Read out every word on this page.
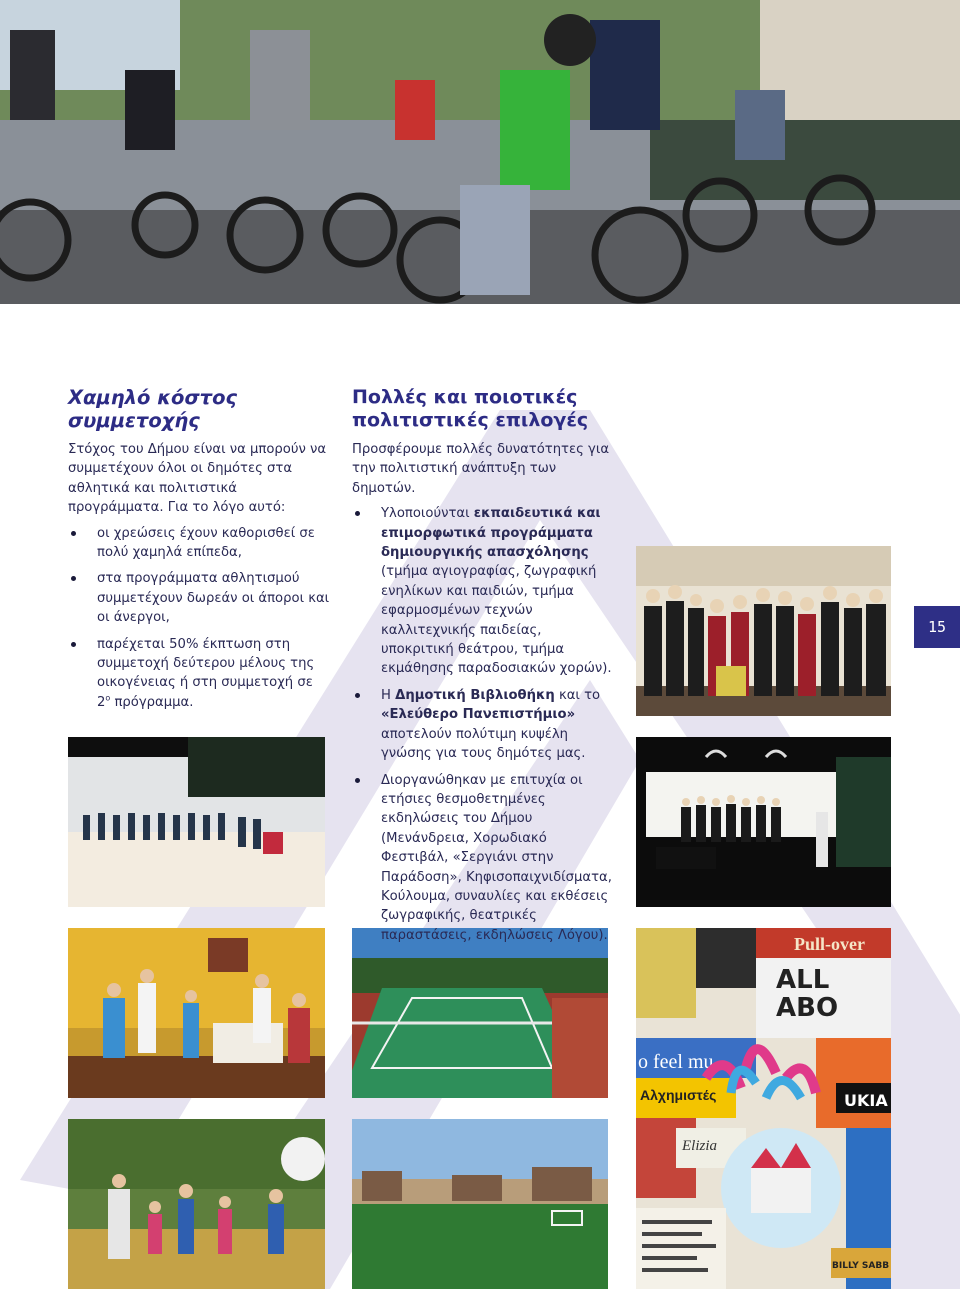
Χαμηλό κόστος συμμετοχής

Στόχος του Δήμου είναι να μπορούν να συμμετέχουν όλοι οι δημότες στα αθλητικά και πολιτιστικά προγράμματα. Για το λόγο αυτό:

οι χρεώσεις έχουν καθορισθεί σε πολύ χαμηλά επίπεδα,
στα προγράμματα αθλητισμού συμμετέχουν δωρεάν οι άποροι και οι άνεργοι,
παρέχεται 50% έκπτωση στη συμμετοχή δεύτερου μέλους της οικογένειας ή στη συμμετοχή σε $2^o$ πρόγραμμα.
Πολλές και ποιοτικές πολιτιστικές επιλογές

Προσφέρουμε πολλές δυνατότητες για την πολιτιστική ανάπτυξη των δημοτών.

Υλοποιούνται εκπαιδευτικά και επιμορφωτικά προγράμματα δημιουργικής απασχόλησης (τμήμα αγιογραφίας, ζωγραφική ενηλίκων και παιδιών, τμήμα εφαρμοσμένων τεχνών καλλιτεχνικής παιδείας, υποκριτική θεάτρου, τμήμα εκμάθησης παραδοσιακών χορών).
Η Δημοτική Βιβλιοθήκη και το «Ελεύθερο Πανεπιστήμιο» αποτελούν πολύτιμη κυψέλη γνώσης για τους δημότες μας.
Διοργανώθηκαν με επιτυχία οι ετήσιες θεσμοθετημένες εκδηλώσεις του Δήμου (Μενάνδρεια, Χορωδιακό Φεστιβάλ, «Σεργιάνι στην Παράδοση», Κηφισοπαιχνιδίσματα, Κούλουμα, συναυλίες και εκθέσεις ζωγραφικής, θεατρικές παραστάσεις, εκδηλώσεις Λόγου).
15
Pull-over
ALL
ABO
o feel mu
Αλχημιστές	UKIA
Elizia
BILLY SABB
